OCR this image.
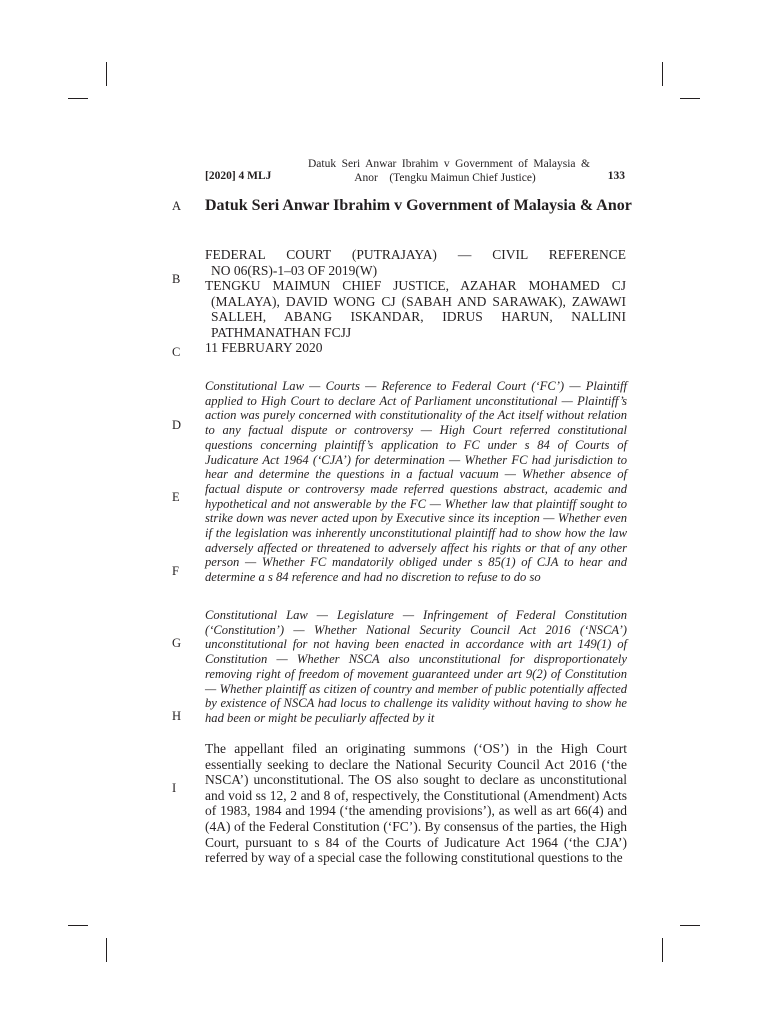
[2020] 4 MLJ
Datuk Seri Anwar Ibrahim v Government of Malaysia &
Anor    (Tengku Maimun Chief Justice)	133
A
B
C
D
E
F
G
H
I
Datuk Seri Anwar Ibrahim v Government of Malaysia & Anor

FEDERAL COURT (PUTRAJAYA) — CIVIL REFERENCE

NO 06(RS)-1–03 OF 2019(W)

TENGKU MAIMUN CHIEF JUSTICE, AZAHAR MOHAMED CJ (MALAYA), DAVID WONG CJ (SABAH AND SARAWAK), ZAWAWI SALLEH, ABANG ISKANDAR, IDRUS HARUN, NALLINI PATHMANATHAN FCJJ

11 FEBRUARY 2020

Constitutional Law — Courts — Reference to Federal Court (‘FC’) — Plaintiff applied to High Court to declare Act of Parliament unconstitutional — Plaintiff’s action was purely concerned with constitutionality of the Act itself without relation to any factual dispute or controversy — High Court referred constitutional questions concerning plaintiff’s application to FC under s 84 of Courts of Judicature Act 1964 (‘CJA’) for determination — Whether FC had jurisdiction to hear and determine the questions in a factual vacuum — Whether absence of factual dispute or controversy made referred questions abstract, academic and hypothetical and not answerable by the FC — Whether law that plaintiff sought to strike down was never acted upon by Executive since its inception — Whether even if the legislation was inherently unconstitutional plaintiff had to show how the law adversely affected or threatened to adversely affect his rights or that of any other person — Whether FC mandatorily obliged under s 85(1) of CJA to hear and determine a s 84 reference and had no discretion to refuse to do so

Constitutional Law — Legislature — Infringement of Federal Constitution (‘Constitution’) — Whether National Security Council Act 2016 (‘NSCA’) unconstitutional for not having been enacted in accordance with art 149(1) of Constitution — Whether NSCA also unconstitutional for disproportionately removing right of freedom of movement guaranteed under art 9(2) of Constitution — Whether plaintiff as citizen of country and member of public potentially affected by existence of NSCA had locus to challenge its validity without having to show he had been or might be peculiarly affected by it

The appellant filed an originating summons (‘OS’) in the High Court essentially seeking to declare the National Security Council Act 2016 (‘the NSCA’) unconstitutional. The OS also sought to declare as unconstitutional and void ss 12, 2 and 8 of, respectively, the Constitutional (Amendment) Acts of 1983, 1984 and 1994 (‘the amending provisions’), as well as art 66(4) and (4A) of the Federal Constitution (‘FC’). By consensus of the parties, the High Court, pursuant to s 84 of the Courts of Judicature Act 1964 (‘the CJA’) referred by way of a special case the following constitutional questions to the
